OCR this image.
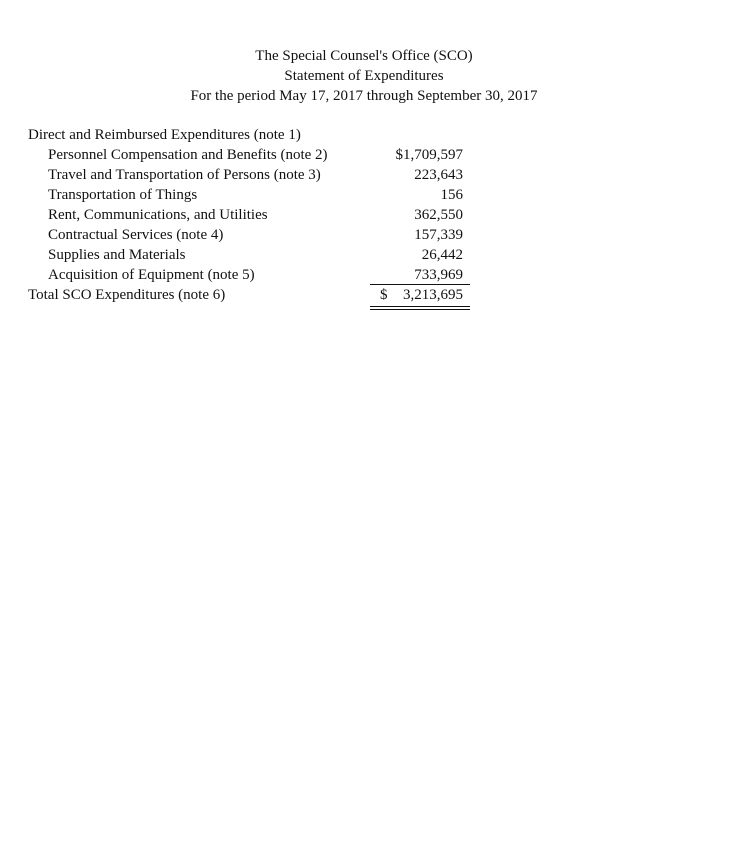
The Special Counsel's Office (SCO)
Statement of Expenditures
For the period May 17, 2017 through September 30, 2017
Direct and Reimbursed Expenditures (note 1)
Personnel Compensation and Benefits (note 2)	$1,709,597
Travel and Transportation of Persons (note 3)	223,643
Transportation of Things	156
Rent, Communications, and Utilities	362,550
Contractual Services (note 4)	157,339
Supplies and Materials	26,442
Acquisition of Equipment (note 5)	733,969
Total SCO Expenditures (note 6)	$ 3,213,695
